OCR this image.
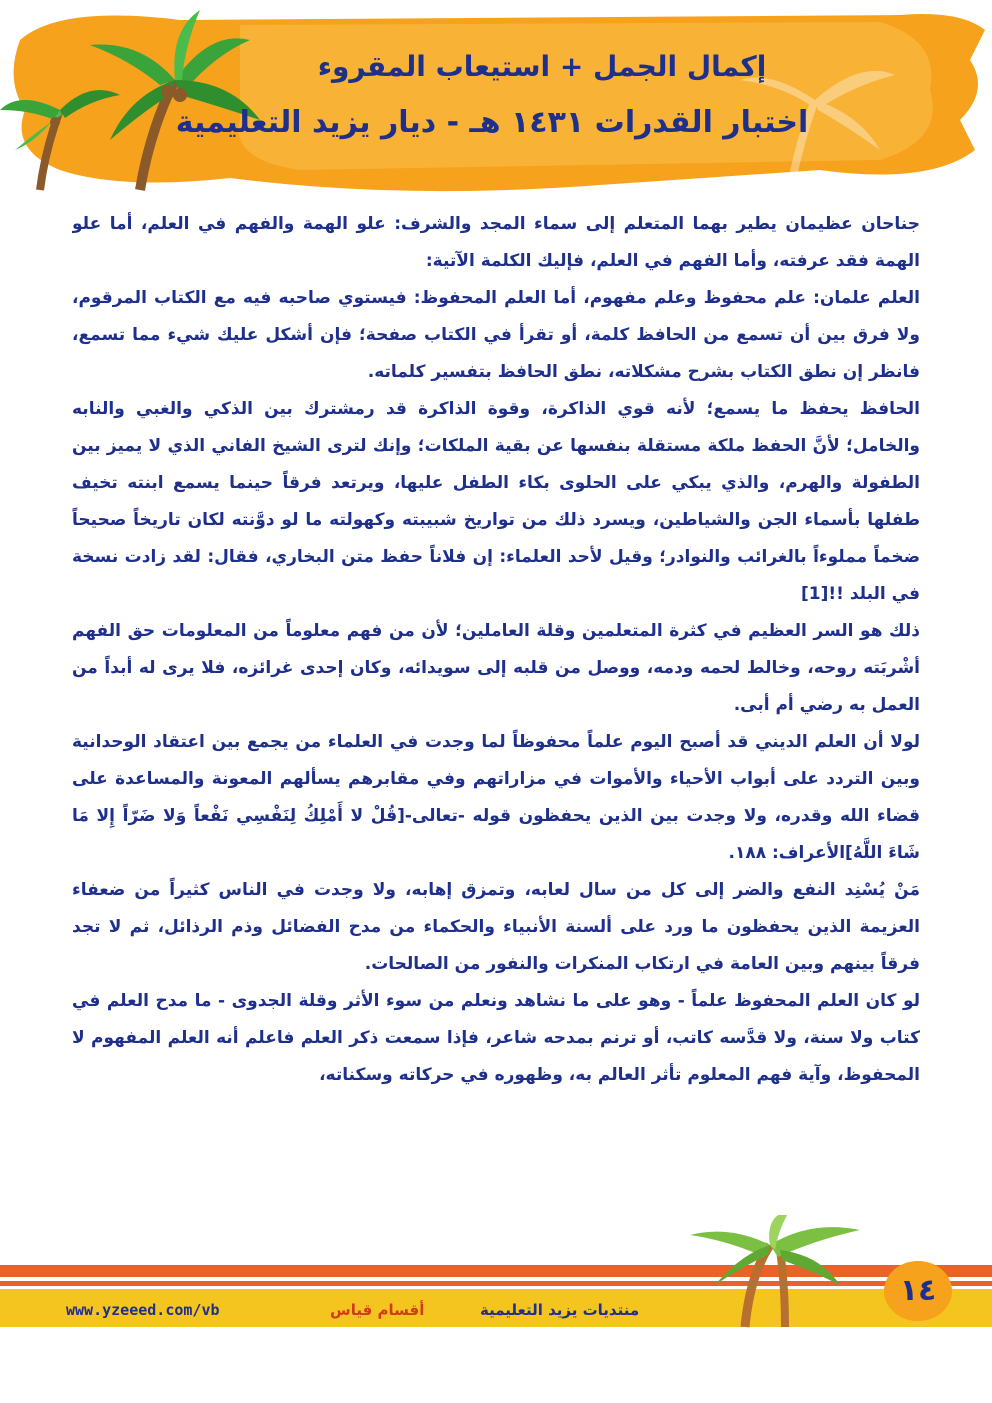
إكمال الجمل + استيعاب المقروء
اختبار القدرات ١٤٣١ هـ - ديار يزيد التعليمية

جناحان عظيمان يطير بهما المتعلم إلى سماء المجد والشرف: علو الهمة والفهم في العلم، أما علو الهمة فقد عرفته، وأما الفهم في العلم، فإليك الكلمة الآتية:

العلم علمان: علم محفوظ وعلم مفهوم، أما العلم المحفوظ: فيستوي صاحبه فيه مع الكتاب المرقوم، ولا فرق بين أن تسمع من الحافظ كلمة، أو تقرأ في الكتاب صفحة؛ فإن أشكل عليك شيء مما تسمع، فانظر إن نطق الكتاب بشرح مشكلاته، نطق الحافظ بتفسير كلماته.

الحافظ يحفظ ما يسمع؛ لأنه قوي الذاكرة، وقوة الذاكرة قد رمشترك بين الذكي والغبي والنابه والخامل؛ لأنَّ الحفظ ملكة مستقلة بنفسها عن بقية الملكات؛ وإنك لترى الشيخ الفاني الذي لا يميز بين الطفولة والهرم، والذي يبكي على الحلوى بكاء الطفل عليها، ويرتعد فرقاً حينما يسمع ابنته تخيف طفلها بأسماء الجن والشياطين، ويسرد ذلك من تواريخ شبيبته وكهولته ما لو دوَّنته لكان تاريخاً صحيحاً ضخماً مملوءاً بالغرائب والنوادر؛ وقيل لأحد العلماء: إن فلاناً حفظ متن البخاري، فقال: لقد زادت نسخة في البلد !![1]

ذلك هو السر العظيم في كثرة المتعلمين وقلة العاملين؛ لأن من فهم معلوماً من المعلومات حق الفهم أشْربَته روحه، وخالط لحمه ودمه، ووصل من قلبه إلى سويدائه، وكان إحدى غرائزه، فلا يرى له أبداً من العمل به رضي أم أبى.

لولا أن العلم الديني قد أصبح اليوم علماً محفوظاً لما وجدت في العلماء من يجمع بين اعتقاد الوحدانية وبين التردد على أبواب الأحياء والأموات في مزاراتهم وفي مقابرهم يسألهم المعونة والمساعدة على قضاء الله وقدره، ولا وجدت بين الذين يحفظون قوله -تعالى-[قُلْ لا أَمْلِكُ لِنَفْسِي نَفْعاً وَلا ضَرّاً إِلا مَا شَاءَ اللَّهُ]الأعراف: ١٨٨.

مَنْ يُسْنِد النفع والضر إلى كل من سال لعابه، وتمزق إهابه، ولا وجدت في الناس كثيراً من ضعفاء العزيمة الذين يحفظون ما ورد على ألسنة الأنبياء والحكماء من مدح الفضائل وذم الرذائل، ثم لا تجد فرقاً بينهم وبين العامة في ارتكاب المنكرات والنفور من الصالحات.

لو كان العلم المحفوظ علماً - وهو على ما نشاهد ونعلم من سوء الأثر وقلة الجدوى - ما مدح العلم في كتاب ولا سنة، ولا قدَّسه كاتب، أو ترنم بمدحه شاعر، فإذا سمعت ذكر العلم فاعلم أنه العلم المفهوم لا المحفوظ، وآية فهم المعلوم تأثر العالم به، وظهوره في حركاته وسكناته،

١٤
www.yzeeed.com/vb	أقسام قياس	منتديات يزيد التعليمية
